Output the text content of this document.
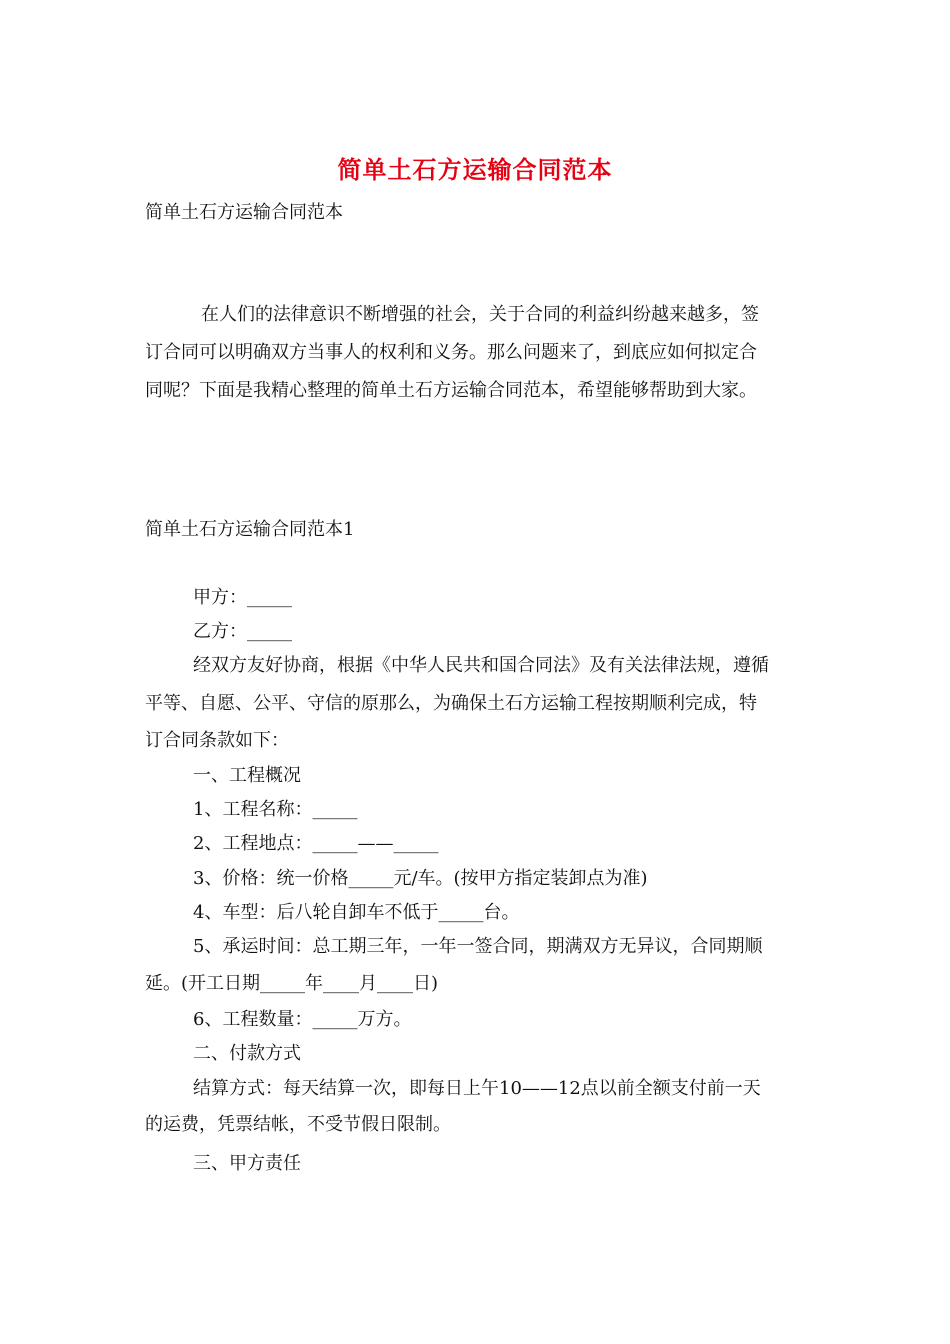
简单土石方运输合同范本
简单土石方运输合同范本
在人们的法律意识不断增强的社会，关于合同的利益纠纷越来越多，签
订合同可以明确双方当事人的权利和义务。那么问题来了，到底应如何拟定合
同呢？下面是我精心整理的简单土石方运输合同范本，希望能够帮助到大家。
简单土石方运输合同范本1
甲方：_____
乙方：_____
经双方友好协商，根据《中华人民共和国合同法》及有关法律法规，遵循
平等、自愿、公平、守信的原那么，为确保土石方运输工程按期顺利完成，特
订合同条款如下：
一、工程概况
1、工程名称：_____
2、工程地点：_____——_____
3、价格：统一价格_____元/车。(按甲方指定装卸点为准)
4、车型：后八轮自卸车不低于_____台。
5、承运时间：总工期三年，一年一签合同，期满双方无异议，合同期顺
延。(开工日期_____年____月____日)
6、工程数量：_____万方。
二、付款方式
结算方式：每天结算一次，即每日上午10——12点以前全额支付前一天
的运费，凭票结帐，不受节假日限制。
三、甲方责任
